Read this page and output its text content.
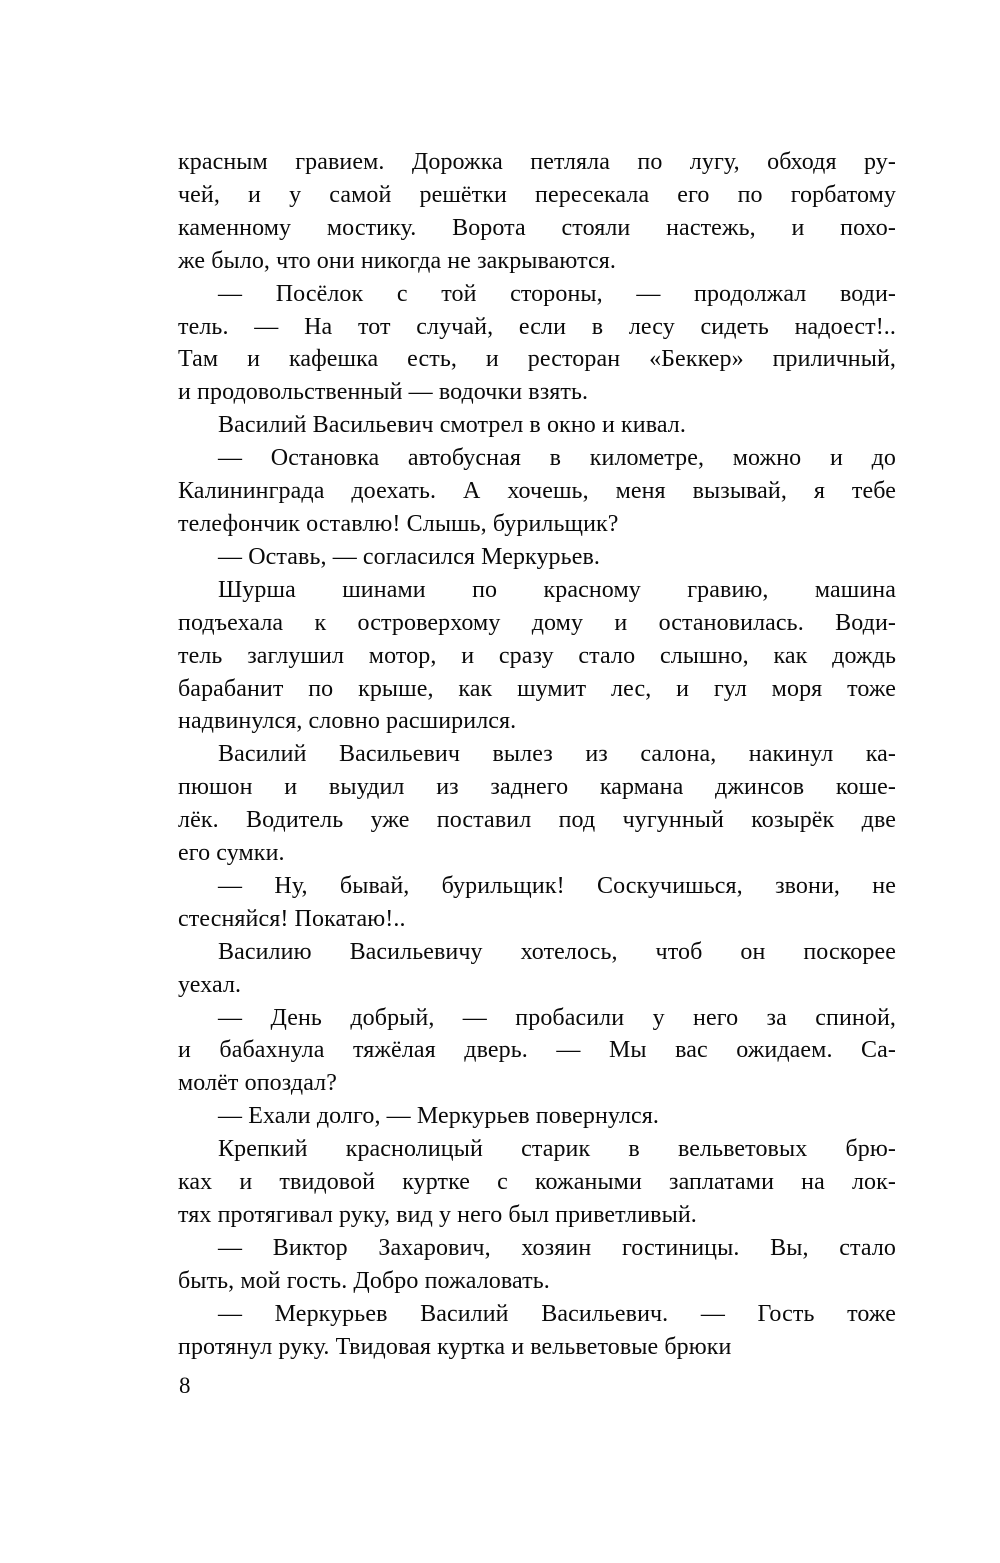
красным гравием. Дорожка петляла по лугу, обходя ру-
чей, и у самой решётки пересекала его по горбатому
каменному мостику. Ворота стояли настежь, и похо-
же было, что они никогда не закрываются.
— Посёлок с той стороны, — продолжал води-
тель. — На тот случай, если в лесу сидеть надоест!..
Там и кафешка есть, и ресторан «Беккер» приличный,
и продовольственный — водочки взять.
Василий Васильевич смотрел в окно и кивал.
— Остановка автобусная в километре, можно и до
Калининграда доехать. А хочешь, меня вызывай, я тебе
телефончик оставлю! Слышь, бурильщик?
— Оставь, — согласился Меркурьев.
Шурша шинами по красному гравию, машина
подъехала к островерхому дому и остановилась. Води-
тель заглушил мотор, и сразу стало слышно, как дождь
барабанит по крыше, как шумит лес, и гул моря тоже
надвинулся, словно расширился.
Василий Васильевич вылез из салона, накинул ка-
пюшон и выудил из заднего кармана джинсов коше-
лёк. Водитель уже поставил под чугунный козырёк две
его сумки.
— Ну, бывай, бурильщик! Соскучишься, звони, не
стесняйся! Покатаю!..
Василию Васильевичу хотелось, чтоб он поскорее
уехал.
— День добрый, — пробасили у него за спиной,
и бабахнула тяжёлая дверь. — Мы вас ожидаем. Са-
молёт опоздал?
— Ехали долго, — Меркурьев повернулся.
Крепкий краснолицый старик в вельветовых брю-
ках и твидовой куртке с кожаными заплатами на лок-
тях протягивал руку, вид у него был приветливый.
— Виктор Захарович, хозяин гостиницы. Вы, стало
быть, мой гость. Добро пожаловать.
— Меркурьев Василий Васильевич. — Гость тоже
протянул руку. Твидовая куртка и вельветовые брюки
8
